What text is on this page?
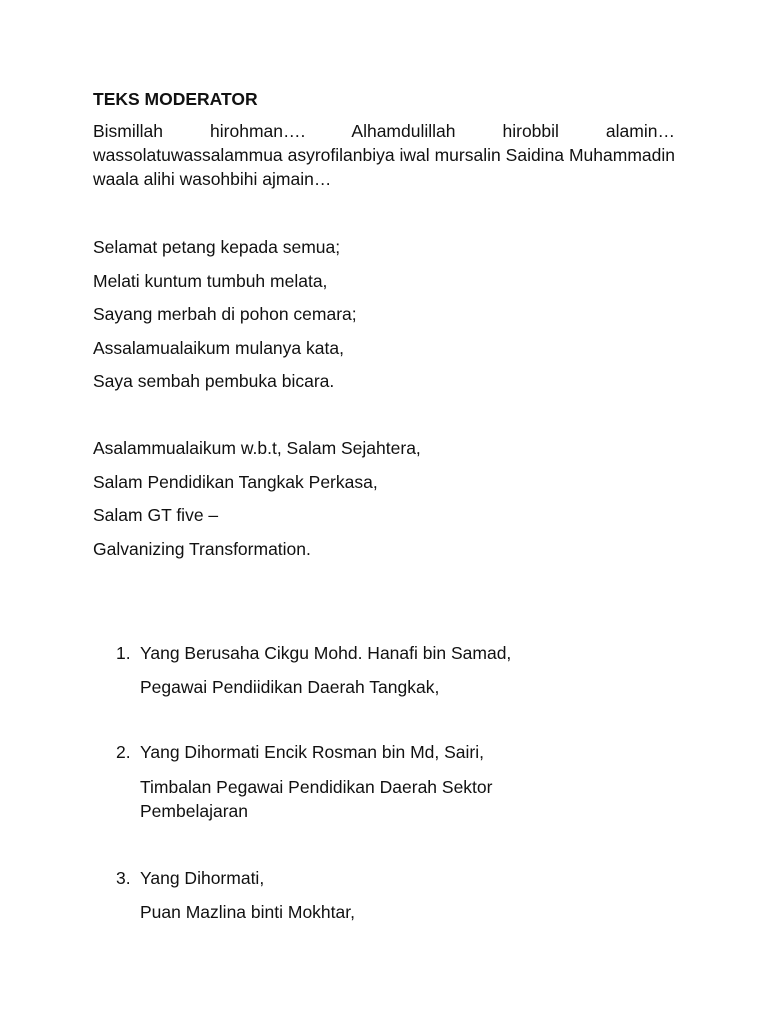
TEKS MODERATOR
Bismillah hirohman…. Alhamdulillah hirobbil alamin… wassolatuwassalammua asyrofilanbiya iwal mursalin Saidina Muhammadin waala alihi wasohbihi ajmain…
Selamat petang kepada semua;
Melati kuntum tumbuh melata,
Sayang merbah di pohon cemara;
Assalamualaikum mulanya kata,
Saya sembah pembuka bicara.
Asalammualaikum w.b.t, Salam Sejahtera,
Salam Pendidikan Tangkak Perkasa,
Salam GT five –
Galvanizing Transformation.
1. Yang Berusaha Cikgu Mohd. Hanafi bin Samad,
Pegawai Pendiidikan Daerah Tangkak,
2. Yang Dihormati Encik Rosman bin Md, Sairi,
Timbalan Pegawai Pendidikan Daerah Sektor Pembelajaran
3. Yang Dihormati,
Puan Mazlina binti Mokhtar,
